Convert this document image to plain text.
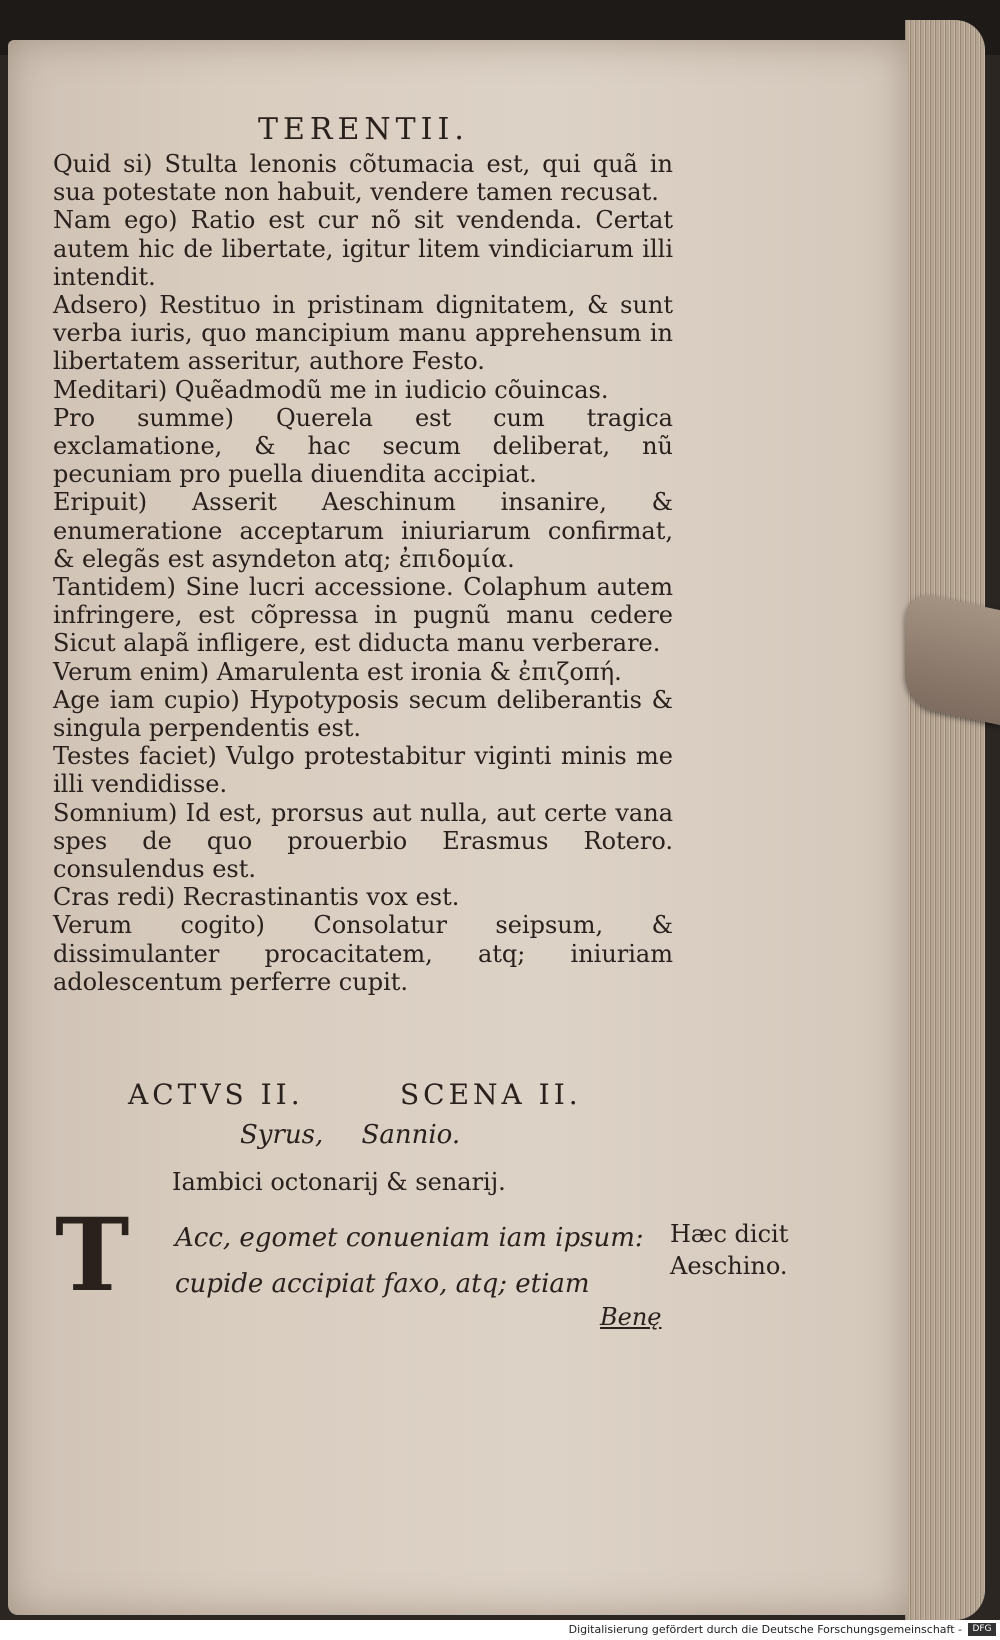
TERENTII.
Quid si) Stulta lenonis cõtumacia est, qui quã in sua potestate non habuit, vendere tamen recusat.
Nam ego) Ratio est cur nõ sit vendenda. Certat autem hic de libertate, igitur litem vindiciarum illi intendit.
Adsero) Restituo in pristinam dignitatem, & sunt verba iuris, quo mancipium manu apprehensum in libertatem asseritur, authore Festo.
Meditari) Quẽadmodũ me in iudicio cõuincas.
Pro summe) Querela est cum tragica exclamatione, & hac secum deliberat, nũ pecuniam pro puella diuendita accipiat.
Eripuit) Asserit Aeschinum insanire, & enumeratione acceptarum iniuriarum confirmat, & elegãs est asyndeton atq; ἐπιδομία.
Tantidem) Sine lucri accessione. Colaphum autem infringere, est cõpressa in pugnũ manu cedere Sicut alapã infligere, est diducta manu verberare.
Verum enim) Amarulenta est ironia & ἐπιζοπή.
Age iam cupio) Hypotyposis secum deliberantis & singula perpendentis est.
Testes faciet) Vulgo protestabitur viginti minis me illi vendidisse.
Somnium) Id est, prorsus aut nulla, aut certe vana spes de quo prouerbio Erasmus Rotero. consulendus est.
Cras redi) Recrastinantis vox est.
Verum cogito) Consolatur seipsum, & dissimulanter procacitatem, atq; iniuriam adolescentum perferre cupit.
ACTVS II.	SCENA II.
Syrus, Sannio.
Iambici octonarij & senarij.
T Acc, egomet conueniam iam ipsum: cupide accipiat faxo, atq; etiam
Hæc dicit Aeschino.
Benę
Digitalisierung gefördert durch die Deutsche Forschungsgemeinschaft -	DFG
